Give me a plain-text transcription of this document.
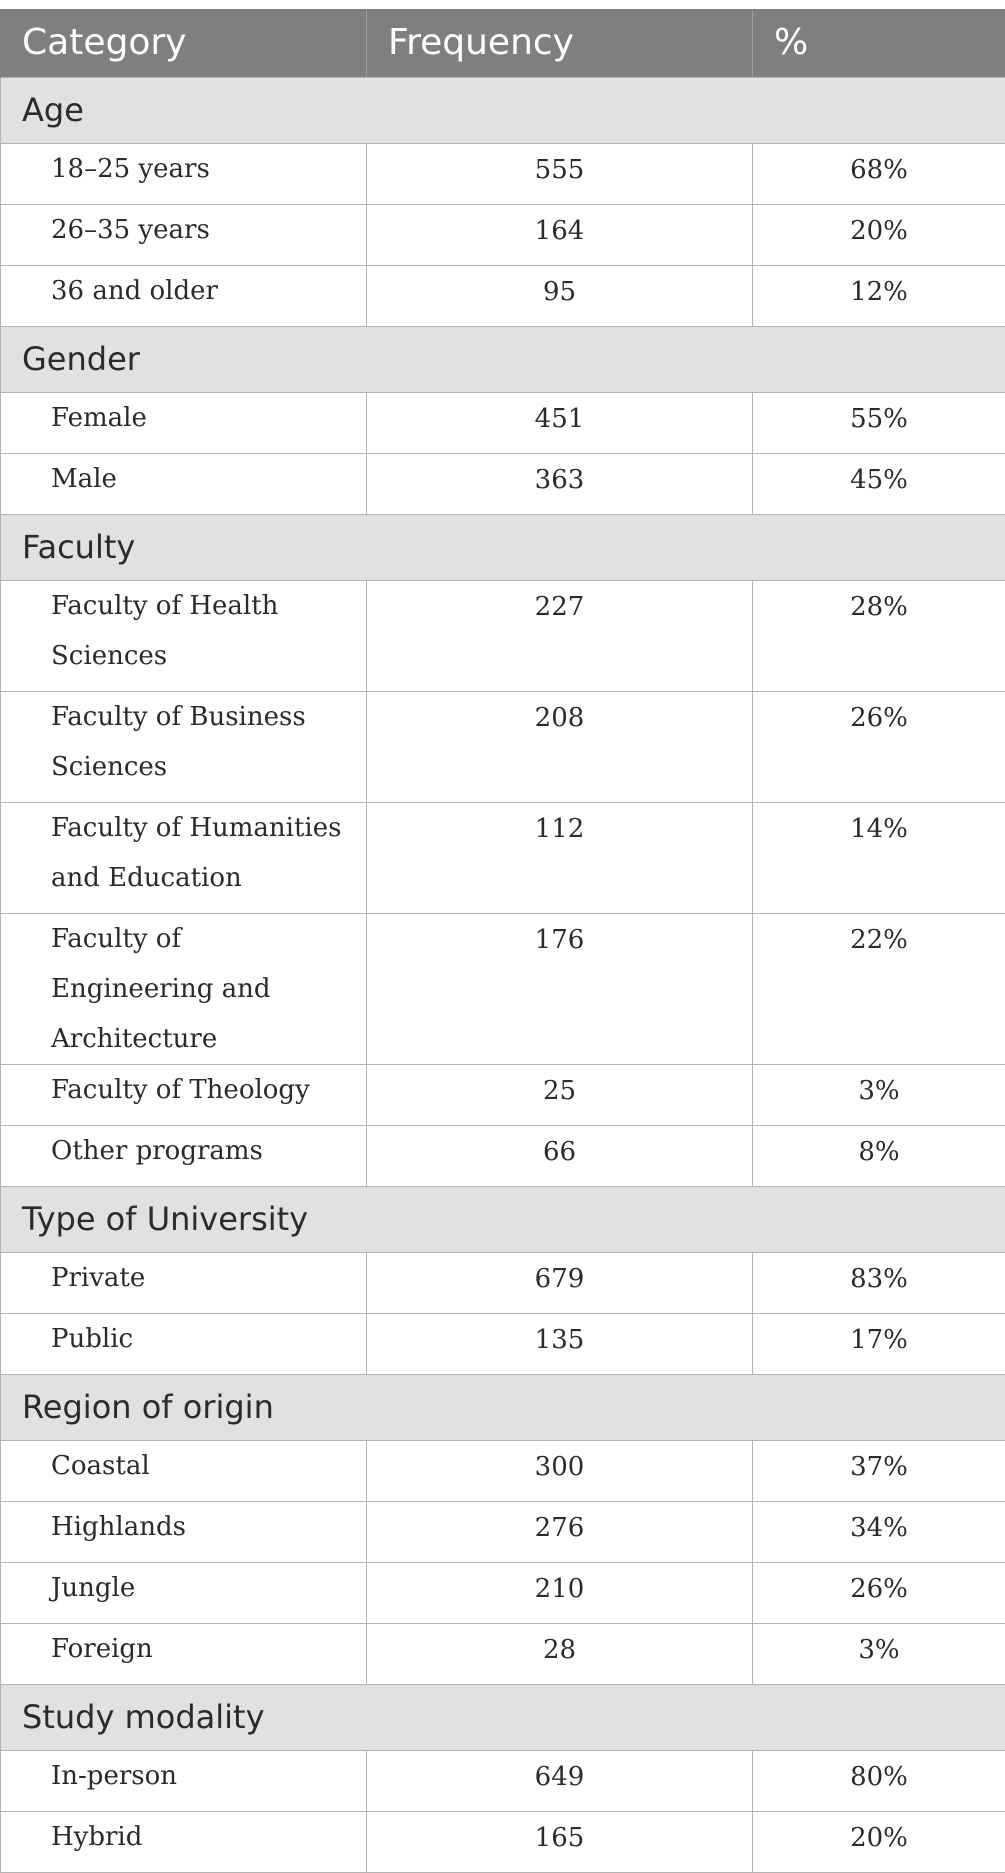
Category	Frequency	%
Age		
18–25 years	555	68%
26–35 years	164	20%
36 and older	95	12%
Gender		
Female	451	55%
Male	363	45%
Faculty		
Faculty of Health Sciences	227	28%
Faculty of Business Sciences	208	26%
Faculty of Humanities and Education	112	14%
Faculty of Engineering and Architecture	176	22%
Faculty of Theology	25	3%
Other programs	66	8%
Type of University		
Private	679	83%
Public	135	17%
Region of origin		
Coastal	300	37%
Highlands	276	34%
Jungle	210	26%
Foreign	28	3%
Study modality		
In-person	649	80%
Hybrid	165	20%
